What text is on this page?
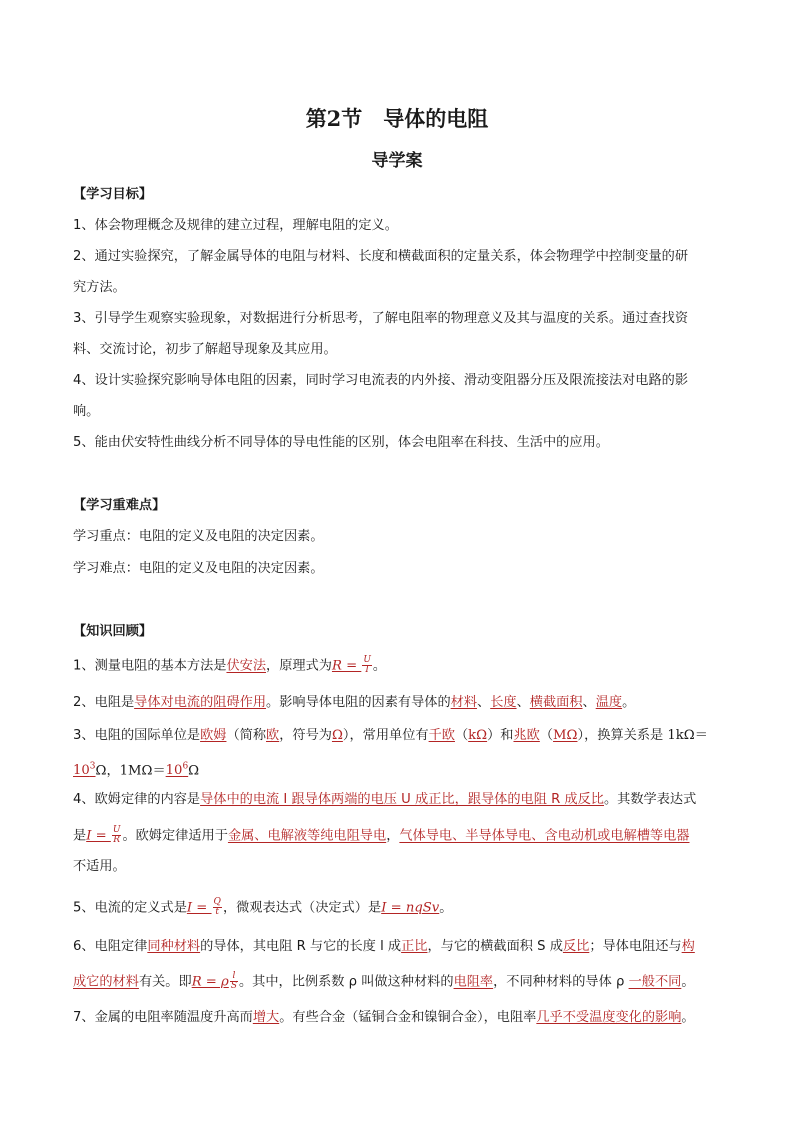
第2节　导体的电阻
导学案
【学习目标】
1、体会物理概念及规律的建立过程，理解电阻的定义。
2、通过实验探究，了解金属导体的电阻与材料、长度和横截面积的定量关系，体会物理学中控制变量的研
究方法。
3、引导学生观察实验现象，对数据进行分析思考，了解电阻率的物理意义及其与温度的关系。通过查找资
料、交流讨论，初步了解超导现象及其应用。
4、设计实验探究影响导体电阻的因素，同时学习电流表的内外接、滑动变阻器分压及限流接法对电路的影
响。
5、能由伏安特性曲线分析不同导体的导电性能的区别，体会电阻率在科技、生活中的应用。
【学习重难点】
学习重点：电阻的定义及电阻的决定因素。
学习难点：电阻的定义及电阻的决定因素。
【知识回顾】
1、测量电阻的基本方法是伏安法，原理式为$R = \frac{U}{I}$ 。
2、电阻是导体对电流的阻碍作用。影响导体电阻的因素有导体的材料、长度、横截面积、温度。
3、电阻的国际单位是欧姆（简称欧，符号为Ω），常用单位有千欧（kΩ）和兆欧（MΩ），换算关系是 1kΩ＝
$10^3\Omega$，$1M\Omega=10^6\Omega$
4、欧姆定律的内容是导体中的电流 I 跟导体两端的电压 U 成正比，跟导体的电阻 R 成反比。其数学表达式
是$I = \frac{U}{R}$ 。欧姆定律适用于金属、电解液等纯电阻导电，气体导电、半导体导电、含电动机或电解槽等电器
不适用。
5、电流的定义式是$I = \frac{Q}{t}$ ，微观表达式（决定式）是I = nqSv。
6、电阻定律同种材料的导体，其电阻 R 与它的长度 l 成正比，与它的横截面积 S 成反比；导体电阻还与构
成它的材料有关。即R = ρ $\frac{l}{S}$ 。其中，比例系数 ρ 叫做这种材料的电阻率，不同种材料的导体 ρ 一般不同。
7、金属的电阻率随温度升高而增大。有些合金（锰铜合金和镍铜合金），电阻率几乎不受温度变化的影响。
